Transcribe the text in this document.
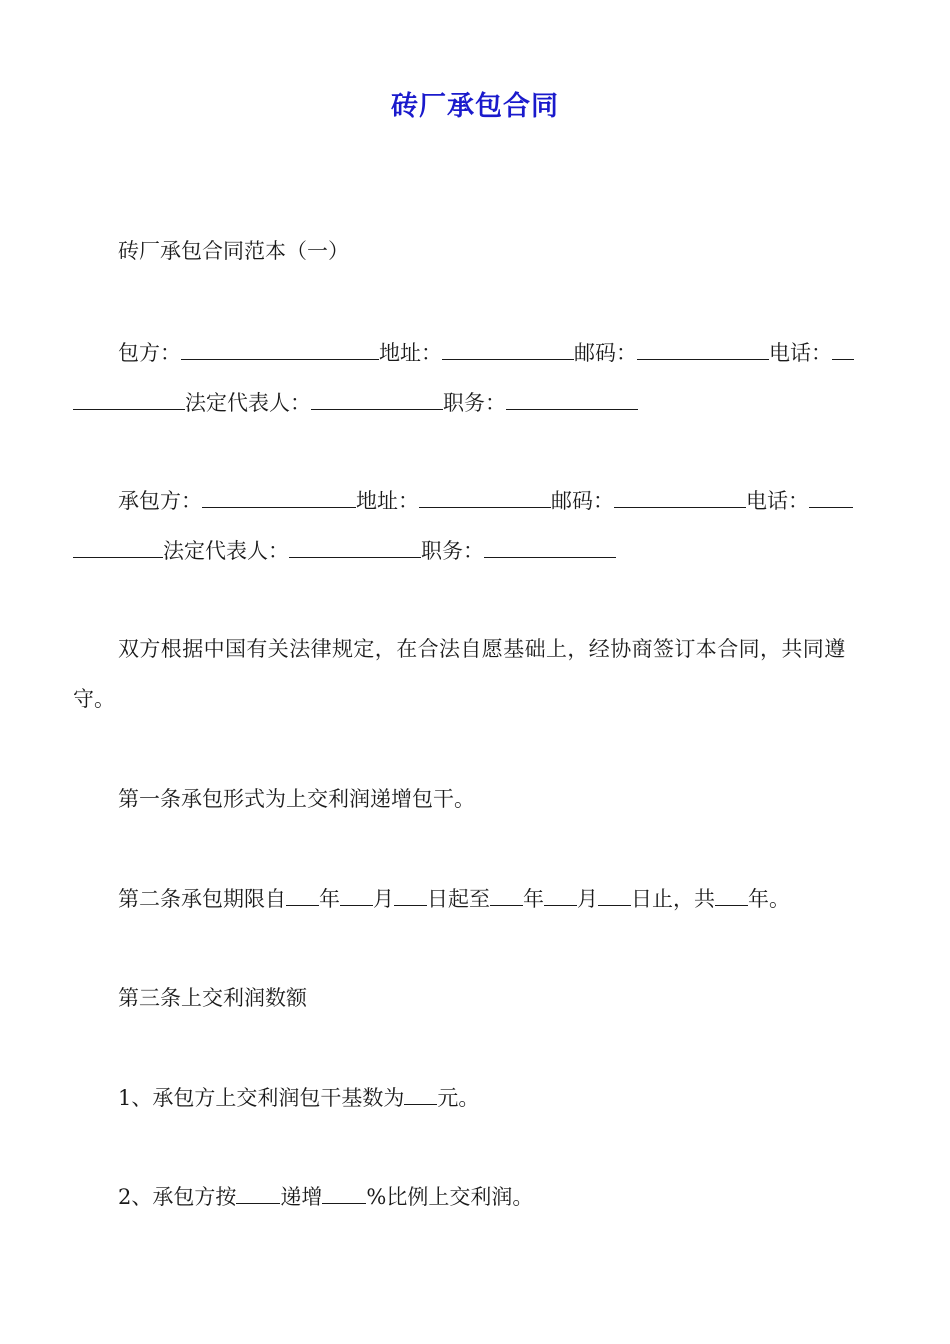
砖厂承包合同
砖厂承包合同范本（一）
包方：	地址：	邮码：	电话：
法定代表人：	职务：
承包方：	地址：	邮码：	电话：
法定代表人：	职务：
双方根据中国有关法律规定，在合法自愿基础上，经协商签订本合同，共同遵
守。
第一条承包形式为上交利润递增包干。
第二条承包期限自 年 月 日起至 年 月 日止，共 年。
第三条上交利润数额
1、承包方上交利润包干基数为 元。
2、承包方按 递增 %比例上交利润。
